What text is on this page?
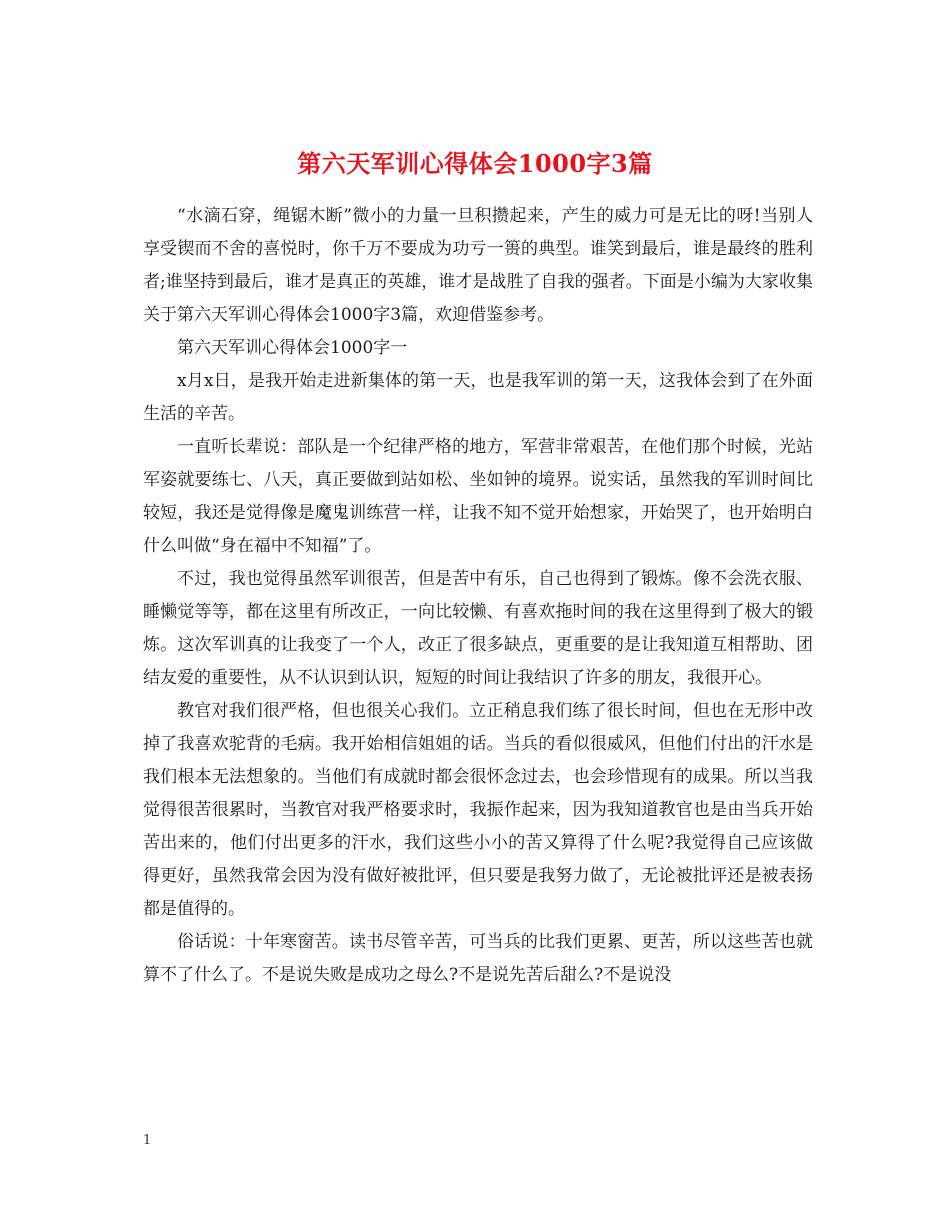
第六天军训心得体会1000字3篇

“水滴石穿，绳锯木断”微小的力量一旦积攒起来，产生的威力可是无比的呀!当别人享受锲而不舍的喜悦时，你千万不要成为功亏一篑的典型。谁笑到最后，谁是最终的胜利者;谁坚持到最后，谁才是真正的英雄，谁才是战胜了自我的强者。下面是小编为大家收集关于第六天军训心得体会1000字3篇，欢迎借鉴参考。

第六天军训心得体会1000字一

x月x日，是我开始走进新集体的第一天，也是我军训的第一天，这我体会到了在外面生活的辛苦。

一直听长辈说：部队是一个纪律严格的地方，军营非常艰苦，在他们那个时候，光站军姿就要练七、八天，真正要做到站如松、坐如钟的境界。说实话，虽然我的军训时间比较短，我还是觉得像是魔鬼训练营一样，让我不知不觉开始想家，开始哭了，也开始明白什么叫做“身在福中不知福”了。

不过，我也觉得虽然军训很苦，但是苦中有乐，自己也得到了锻炼。像不会洗衣服、睡懒觉等等，都在这里有所改正，一向比较懒、有喜欢拖时间的我在这里得到了极大的锻炼。这次军训真的让我变了一个人，改正了很多缺点，更重要的是让我知道互相帮助、团结友爱的重要性，从不认识到认识，短短的时间让我结识了许多的朋友，我很开心。

教官对我们很严格，但也很关心我们。立正稍息我们练了很长时间，但也在无形中改掉了我喜欢驼背的毛病。我开始相信姐姐的话。当兵的看似很威风，但他们付出的汗水是我们根本无法想象的。当他们有成就时都会很怀念过去，也会珍惜现有的成果。所以当我觉得很苦很累时，当教官对我严格要求时，我振作起来，因为我知道教官也是由当兵开始苦出来的，他们付出更多的汗水，我们这些小小的苦又算得了什么呢?我觉得自己应该做得更好，虽然我常会因为没有做好被批评，但只要是我努力做了，无论被批评还是被表扬都是值得的。

俗话说：十年寒窗苦。读书尽管辛苦，可当兵的比我们更累、更苦，所以这些苦也就算不了什么了。不是说失败是成功之母么?不是说先苦后甜么?不是说没

1
